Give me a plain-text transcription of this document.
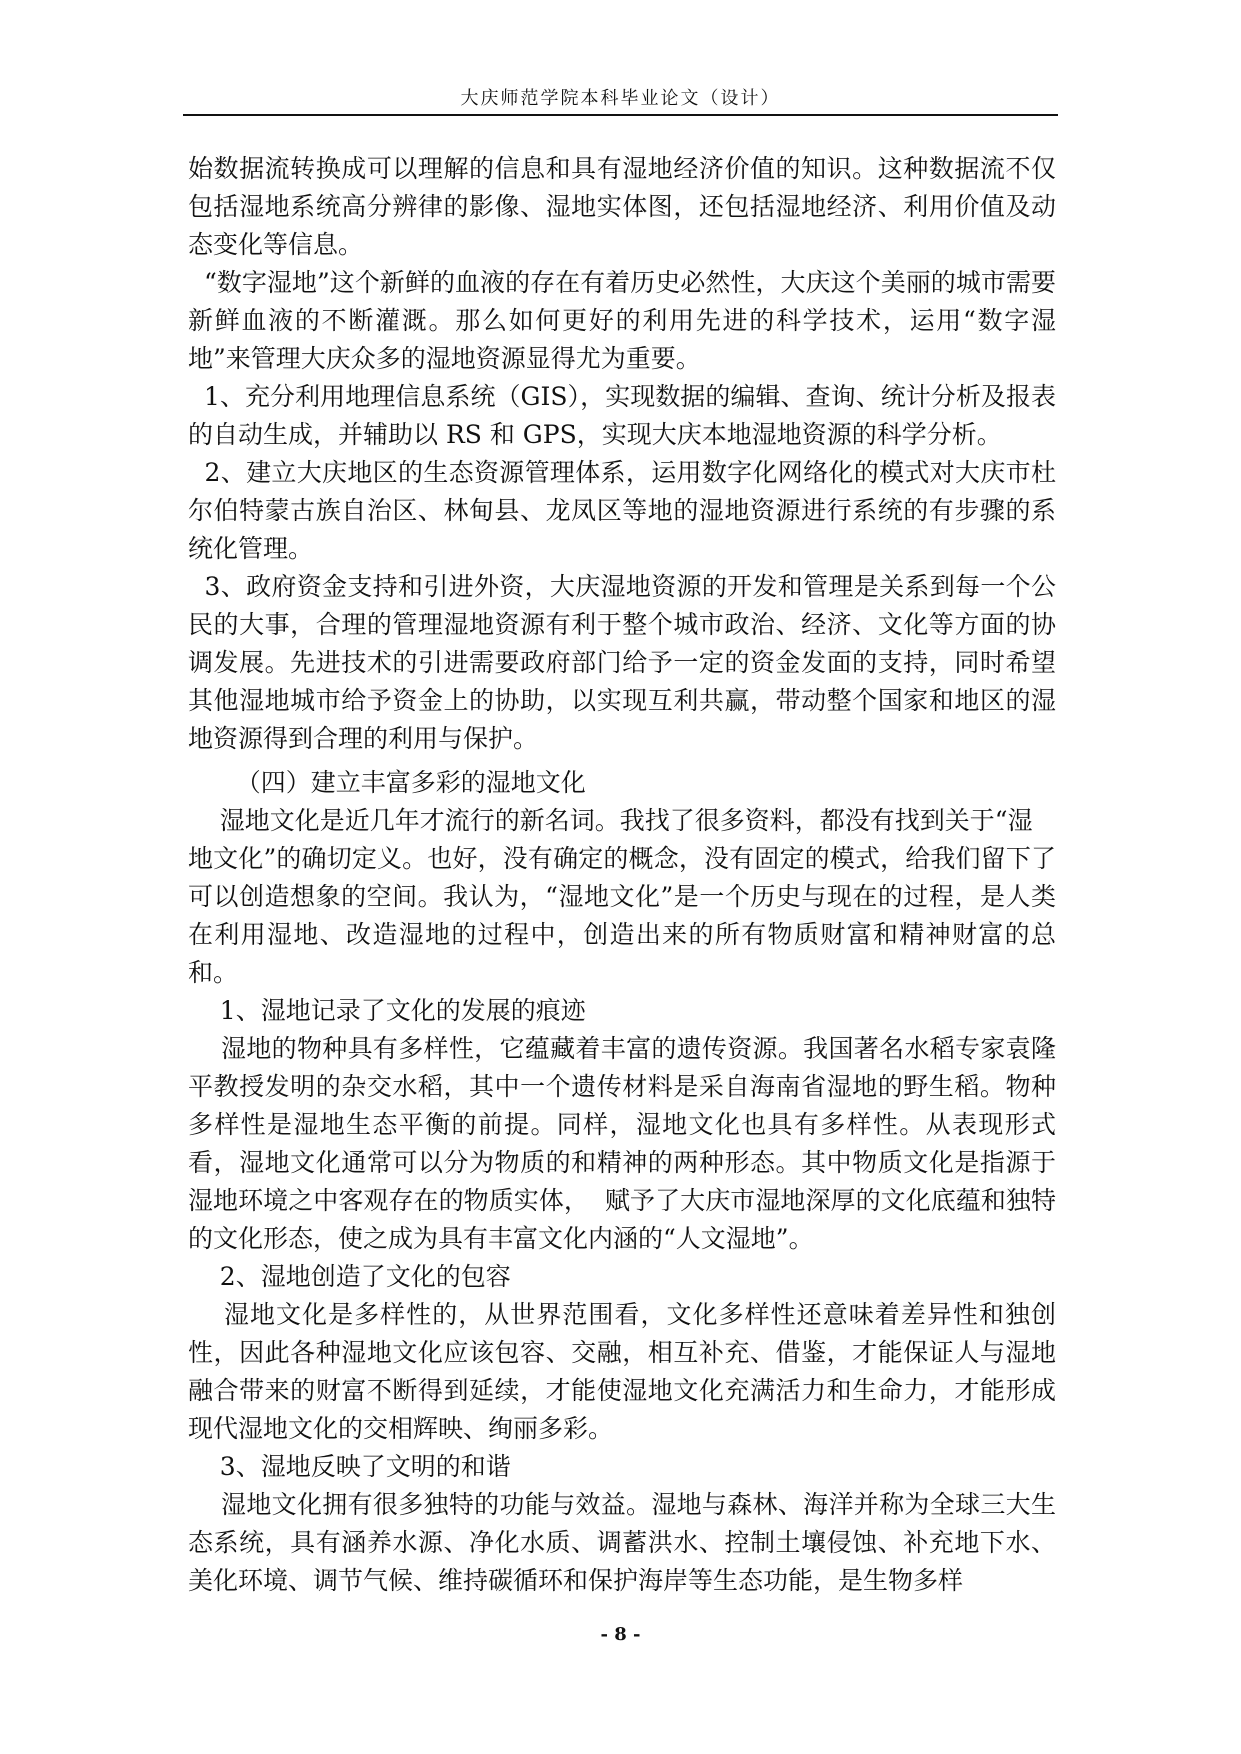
大庆师范学院本科毕业论文（设计）

始数据流转换成可以理解的信息和具有湿地经济价值的知识。这种数据流不仅包括湿地系统高分辨律的影像、湿地实体图，还包括湿地经济、利用价值及动态变化等信息。

“数字湿地”这个新鲜的血液的存在有着历史必然性，大庆这个美丽的城市需要新鲜血液的不断灌溉。那么如何更好的利用先进的科学技术，运用“数字湿地”来管理大庆众多的湿地资源显得尤为重要。

1、充分利用地理信息系统（GIS），实现数据的编辑、查询、统计分析及报表的自动生成，并辅助以 RS 和 GPS，实现大庆本地湿地资源的科学分析。

2、建立大庆地区的生态资源管理体系，运用数字化网络化的模式对大庆市杜尔伯特蒙古族自治区、林甸县、龙凤区等地的湿地资源进行系统的有步骤的系统化管理。

3、政府资金支持和引进外资，大庆湿地资源的开发和管理是关系到每一个公民的大事，合理的管理湿地资源有利于整个城市政治、经济、文化等方面的协调发展。先进技术的引进需要政府部门给予一定的资金发面的支持，同时希望其他湿地城市给予资金上的协助，以实现互利共赢，带动整个国家和地区的湿地资源得到合理的利用与保护。

（四）建立丰富多彩的湿地文化

湿地文化是近几年才流行的新名词。我找了很多资料，都没有找到关于“湿

地文化”的确切定义。也好，没有确定的概念，没有固定的模式，给我们留下了可以创造想象的空间。我认为，“湿地文化”是一个历史与现在的过程，是人类在利用湿地、改造湿地的过程中，创造出来的所有物质财富和精神财富的总和。

1、湿地记录了文化的发展的痕迹

湿地的物种具有多样性，它蕴藏着丰富的遗传资源。我国著名水稻专家袁隆平教授发明的杂交水稻，其中一个遗传材料是采自海南省湿地的野生稻。物种多样性是湿地生态平衡的前提。同样，湿地文化也具有多样性。从表现形式看，湿地文化通常可以分为物质的和精神的两种形态。其中物质文化是指源于湿地环境之中客观存在的物质实体，  赋予了大庆市湿地深厚的文化底蕴和独特的文化形态，使之成为具有丰富文化内涵的“人文湿地”。

2、湿地创造了文化的包容

湿地文化是多样性的，从世界范围看，文化多样性还意味着差异性和独创性，因此各种湿地文化应该包容、交融，相互补充、借鉴，才能保证人与湿地融合带来的财富不断得到延续，才能使湿地文化充满活力和生命力，才能形成现代湿地文化的交相辉映、绚丽多彩。

3、湿地反映了文明的和谐

湿地文化拥有很多独特的功能与效益。湿地与森林、海洋并称为全球三大生态系统，具有涵养水源、净化水质、调蓄洪水、控制土壤侵蚀、补充地下水、美化环境、调节气候、维持碳循环和保护海岸等生态功能，是生物多样

- 8 -
